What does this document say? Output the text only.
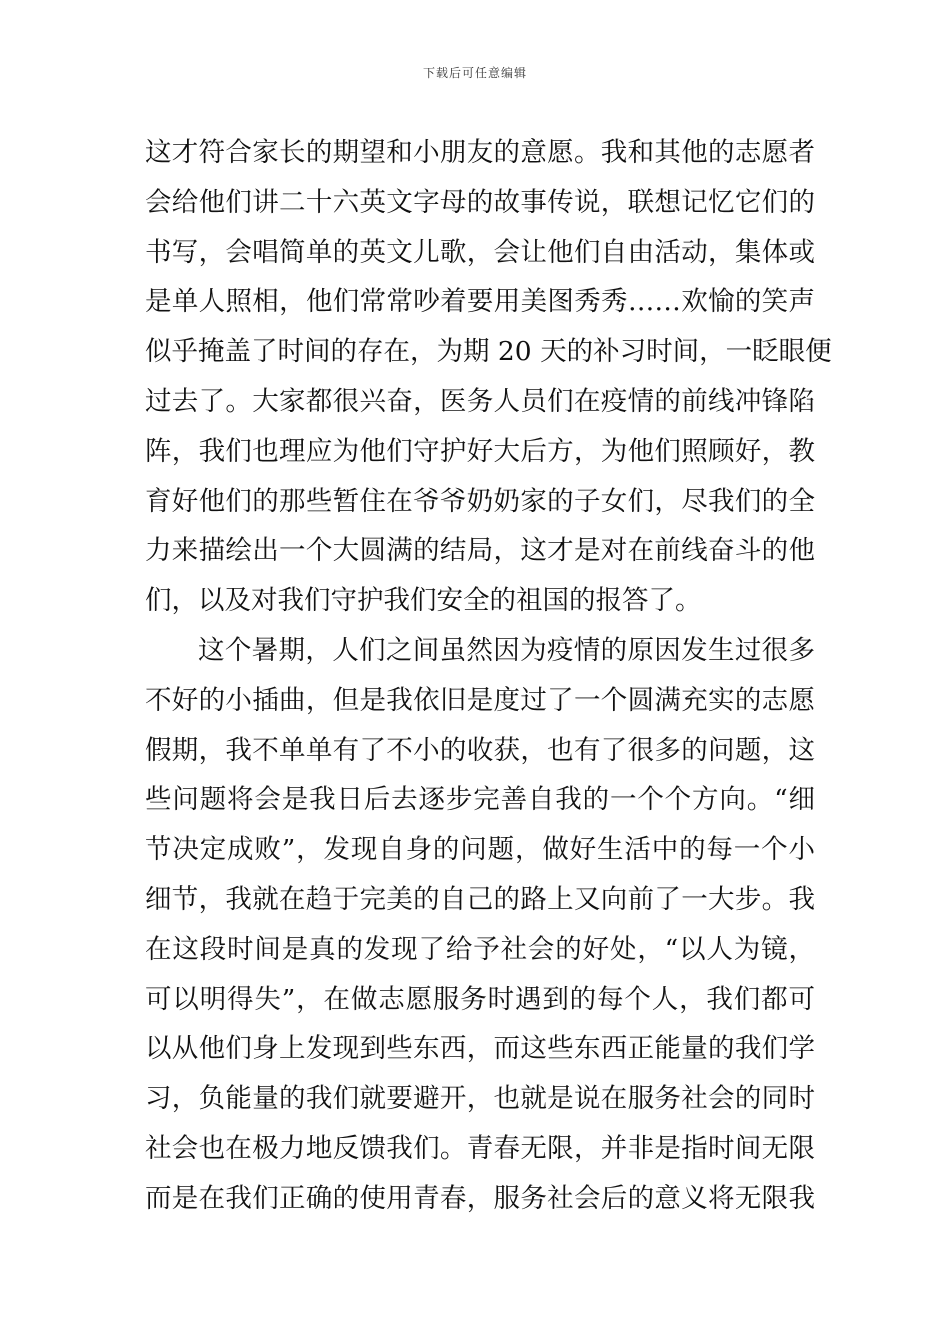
下载后可任意编辑
这才符合家长的期望和小朋友的意愿。我和其他的志愿者
会给他们讲二十六英文字母的故事传说，联想记忆它们的
书写，会唱简单的英文儿歌，会让他们自由活动，集体或
是单人照相，他们常常吵着要用美图秀秀……欢愉的笑声
似乎掩盖了时间的存在，为期 20 天的补习时间，一眨眼便
过去了。大家都很兴奋，医务人员们在疫情的前线冲锋陷
阵，我们也理应为他们守护好大后方，为他们照顾好，教
育好他们的那些暂住在爷爷奶奶家的子女们，尽我们的全
力来描绘出一个大圆满的结局，这才是对在前线奋斗的他
们，以及对我们守护我们安全的祖国的报答了。
这个暑期，人们之间虽然因为疫情的原因发生过很多
不好的小插曲，但是我依旧是度过了一个圆满充实的志愿
假期，我不单单有了不小的收获，也有了很多的问题，这
些问题将会是我日后去逐步完善自我的一个个方向。“细
节决定成败”，发现自身的问题，做好生活中的每一个小
细节，我就在趋于完美的自己的路上又向前了一大步。我
在这段时间是真的发现了给予社会的好处，“以人为镜，
可以明得失”，在做志愿服务时遇到的每个人，我们都可
以从他们身上发现到些东西，而这些东西正能量的我们学
习，负能量的我们就要避开，也就是说在服务社会的同时
社会也在极力地反馈我们。青春无限，并非是指时间无限
而是在我们正确的使用青春，服务社会后的意义将无限我
